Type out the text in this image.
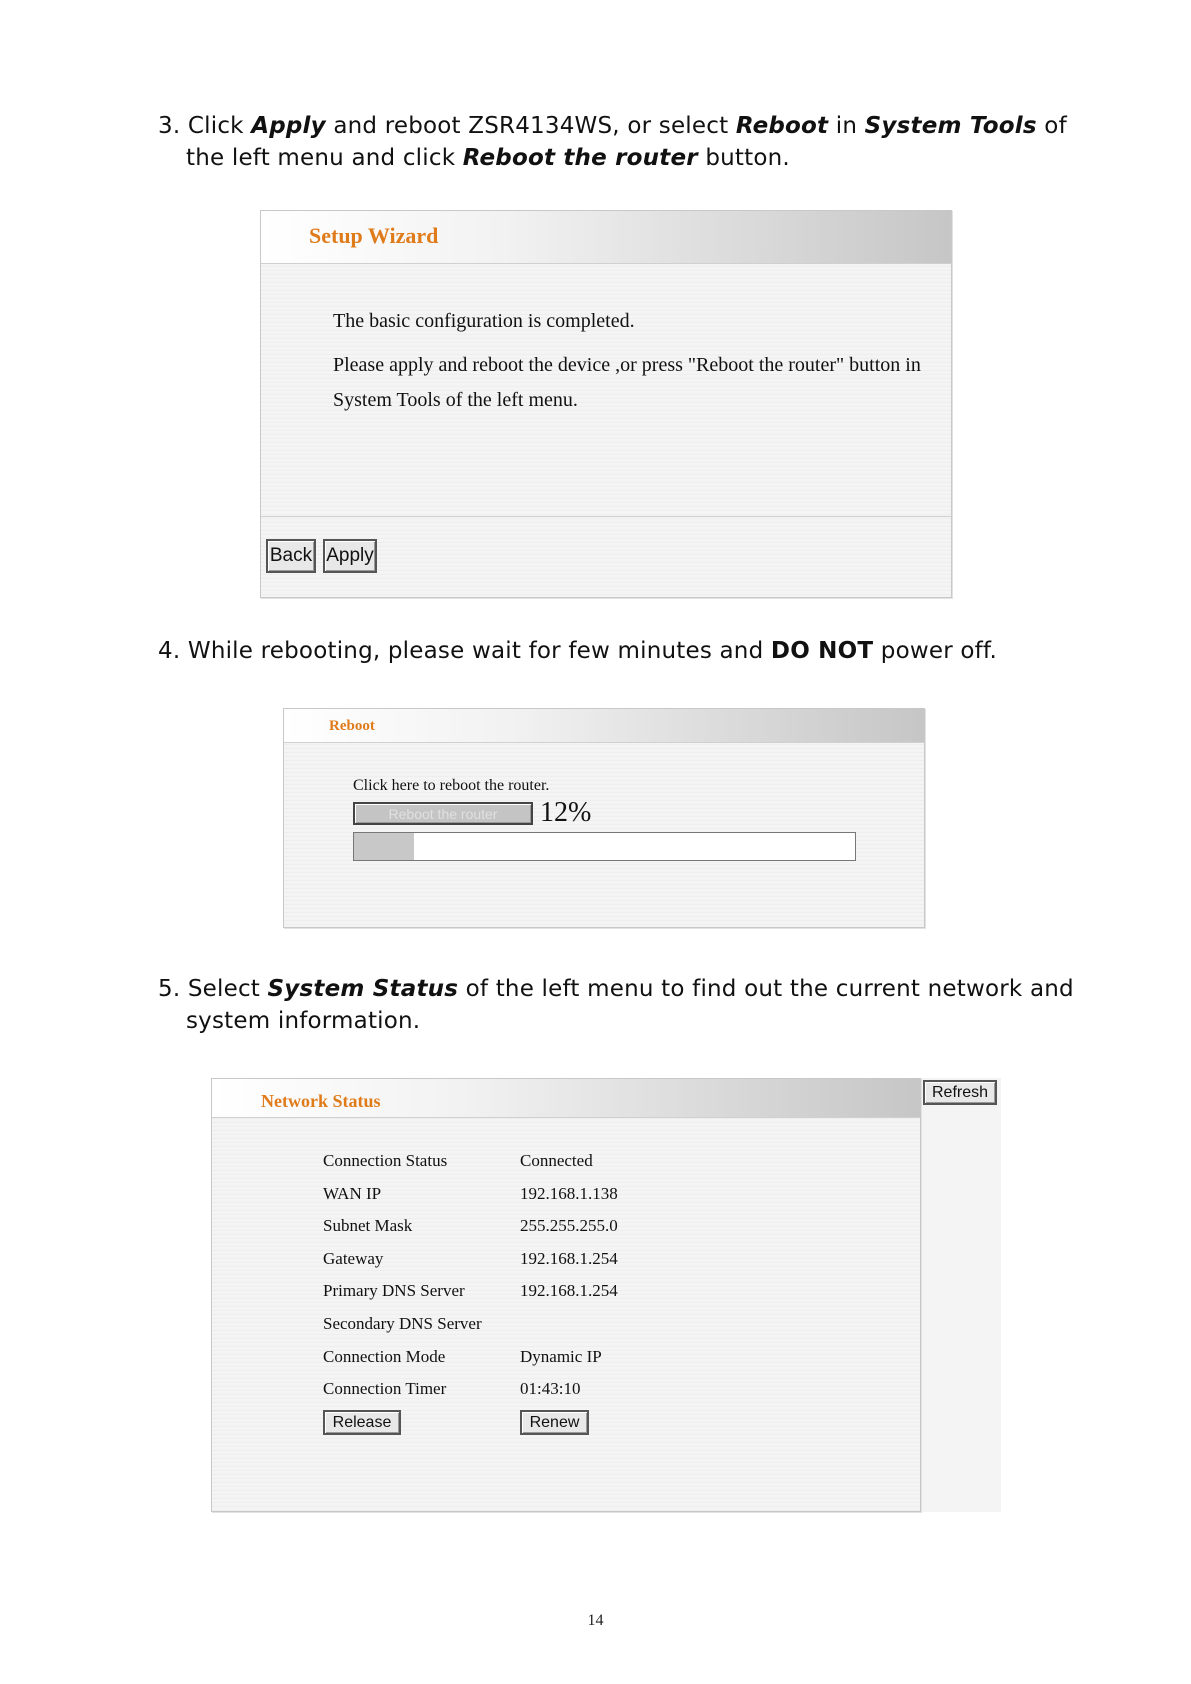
3. Click Apply and reboot ZSR4134WS, or select Reboot in System Tools of
the left menu and click Reboot the router button.
Setup Wizard
The basic configuration is completed.
Please apply and reboot the device ,or press "Reboot the router" button in
System Tools of the left menu.
Back Apply
4. While rebooting, please wait for few minutes and DO NOT power off.
Reboot
Click here to reboot the router.
Reboot the router	12%
5. Select System Status of the left menu to find out the current network and
system information.
Network Status
Connection Status	Connected
WAN IP	192.168.1.138
Subnet Mask	255.255.255.0
Gateway	192.168.1.254
Primary DNS Server	192.168.1.254
Secondary DNS Server
Connection Mode	Dynamic IP
Connection Timer	01:43:10
Release	Renew
Refresh
14
